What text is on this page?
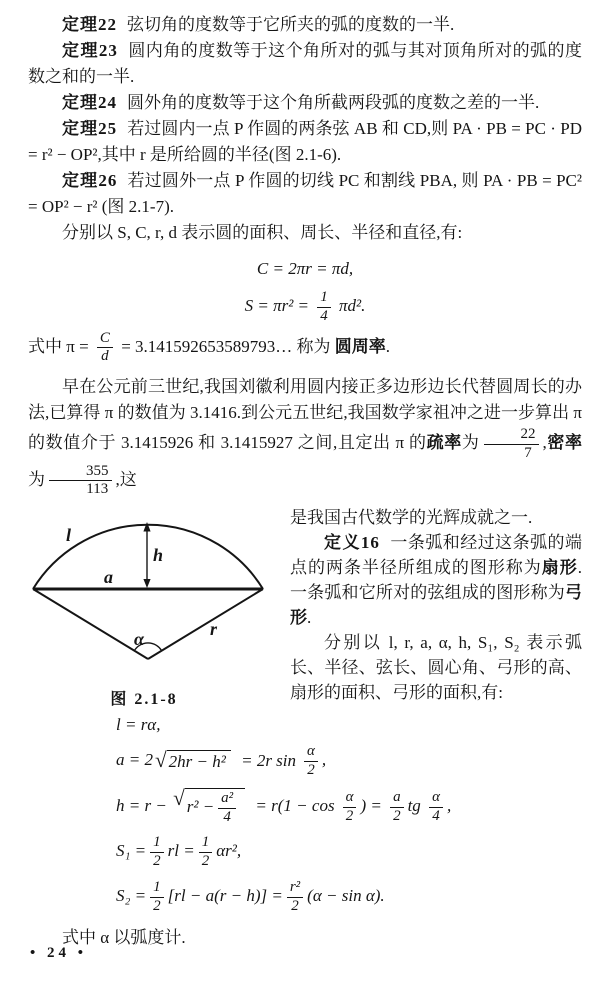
定理22 弦切角的度数等于它所夹的弧的度数的一半.

定理23 圆内角的度数等于这个角所对的弧与其对顶角所对的弧的度数之和的一半.

定理24 圆外角的度数等于这个角所截两段弧的度数之差的一半.

定理25 若过圆内一点 P 作圆的两条弦 AB 和 CD,则 PA · PB = PC · PD = r² − OP²,其中 r 是所给圆的半径(图 2.1-6).

定理26 若过圆外一点 P 作圆的切线 PC 和割线 PBA, 则 PA · PB = PC² = OP² − r² (图 2.1-7).

分别以 S, C, r, d 表示圆的面积、周长、半径和直径,有:

C = 2πr = πd,
$S = \pi r^2 = \frac{1}{4} \pi d^2$.

式中 $\pi = \frac{C}{d}$ = 3.141592653589793… 称为 圆周率.

早在公元前三世纪,我国刘徽利用圆内接正多边形边长代替圆周长的办法,已算得 π 的数值为 3.1416.到公元五世纪,我国数学家祖冲之进一步算出 π 的数值介于 3.1415926 和 3.1415927 之间,且定出 π 的疏率为 $\frac{22}{7}$ ,密率为 $\frac{355}{113}$ ,这

l
a
h
r
α
图 2.1-8

是我国古代数学的光辉成就之一.

定义16 一条弧和经过这条弧的端点的两条半径所组成的图形称为扇形.一条弧和它所对的弦组成的图形称为弓形.

分别以 l, r, a, α, h, S₁, S₂ 表示弧长、半径、弦长、圆心角、弓形的高、扇形的面积、弓形的面积,有:

l = rα,
a = 2√ 2hr − h² = 2r $\sin \frac{\alpha}{2}$ ,
h = r − √ $r^2 - \frac{\text{a²}}{4} = r(1 - \cos \frac{\alpha}{2}$ ) = $\frac{a}{2}$ tg $\frac{\alpha}{4}$ ,
$S_1 = \frac{1}{2}$ rl = $\frac{1}{2} \alpha r^2$,
$S_2 = \frac{1}{2} [rl - a(r - h)] = \frac{\text{r²}}{2} (\alpha - \sin \alpha)$.

式中 α 以弧度计.

• 24 •
